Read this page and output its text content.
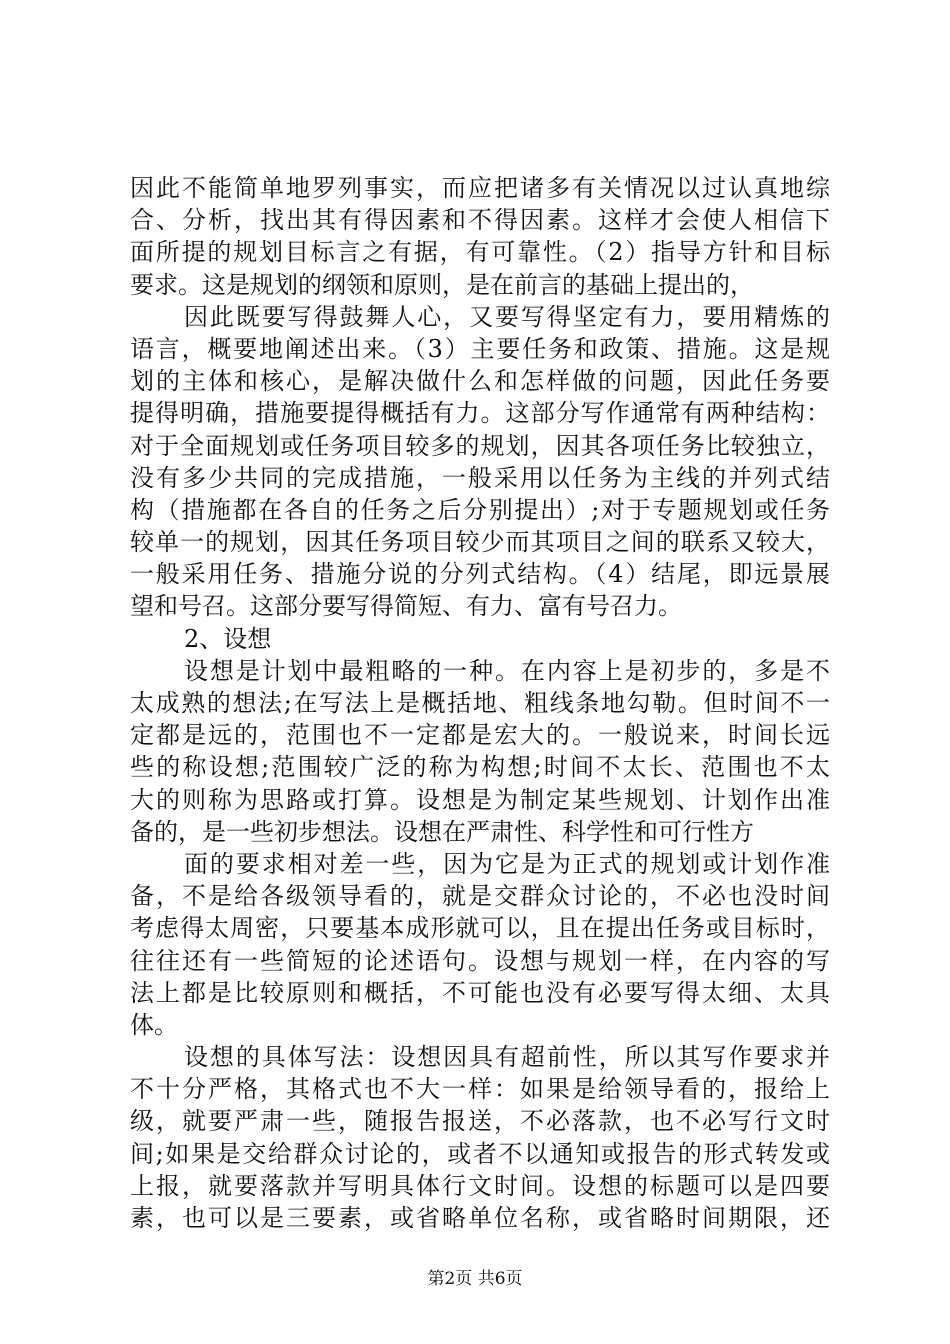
因此不能简单地罗列事实，而应把诸多有关情况以过认真地综
合、分析，找出其有得因素和不得因素。这样才会使人相信下
面所提的规划目标言之有据，有可靠性。（2）指导方针和目标
要求。这是规划的纲领和原则，是在前言的基础上提出的，
因此既要写得鼓舞人心，又要写得坚定有力，要用精炼的
语言，概要地阐述出来。（3）主要任务和政策、措施。这是规
划的主体和核心，是解决做什么和怎样做的问题，因此任务要
提得明确，措施要提得概括有力。这部分写作通常有两种结构：
对于全面规划或任务项目较多的规划，因其各项任务比较独立，
没有多少共同的完成措施，一般采用以任务为主线的并列式结
构（措施都在各自的任务之后分别提出）;对于专题规划或任务
较单一的规划，因其任务项目较少而其项目之间的联系又较大，
一般采用任务、措施分说的分列式结构。（4）结尾，即远景展
望和号召。这部分要写得简短、有力、富有号召力。
2、设想
设想是计划中最粗略的一种。在内容上是初步的，多是不
太成熟的想法;在写法上是概括地、粗线条地勾勒。但时间不一
定都是远的，范围也不一定都是宏大的。一般说来，时间长远
些的称设想;范围较广泛的称为构想;时间不太长、范围也不太
大的则称为思路或打算。设想是为制定某些规划、计划作出准
备的，是一些初步想法。设想在严肃性、科学性和可行性方
面的要求相对差一些，因为它是为正式的规划或计划作准
备，不是给各级领导看的，就是交群众讨论的，不必也没时间
考虑得太周密，只要基本成形就可以，且在提出任务或目标时，
往往还有一些简短的论述语句。设想与规划一样，在内容的写
法上都是比较原则和概括，不可能也没有必要写得太细、太具
体。
设想的具体写法：设想因具有超前性，所以其写作要求并
不十分严格，其格式也不大一样：如果是给领导看的，报给上
级，就要严肃一些，随报告报送，不必落款，也不必写行文时
间;如果是交给群众讨论的，或者不以通知或报告的形式转发或
上报，就要落款并写明具体行文时间。设想的标题可以是四要
素，也可以是三要素，或省略单位名称，或省略时间期限，还
第2页 共6页
